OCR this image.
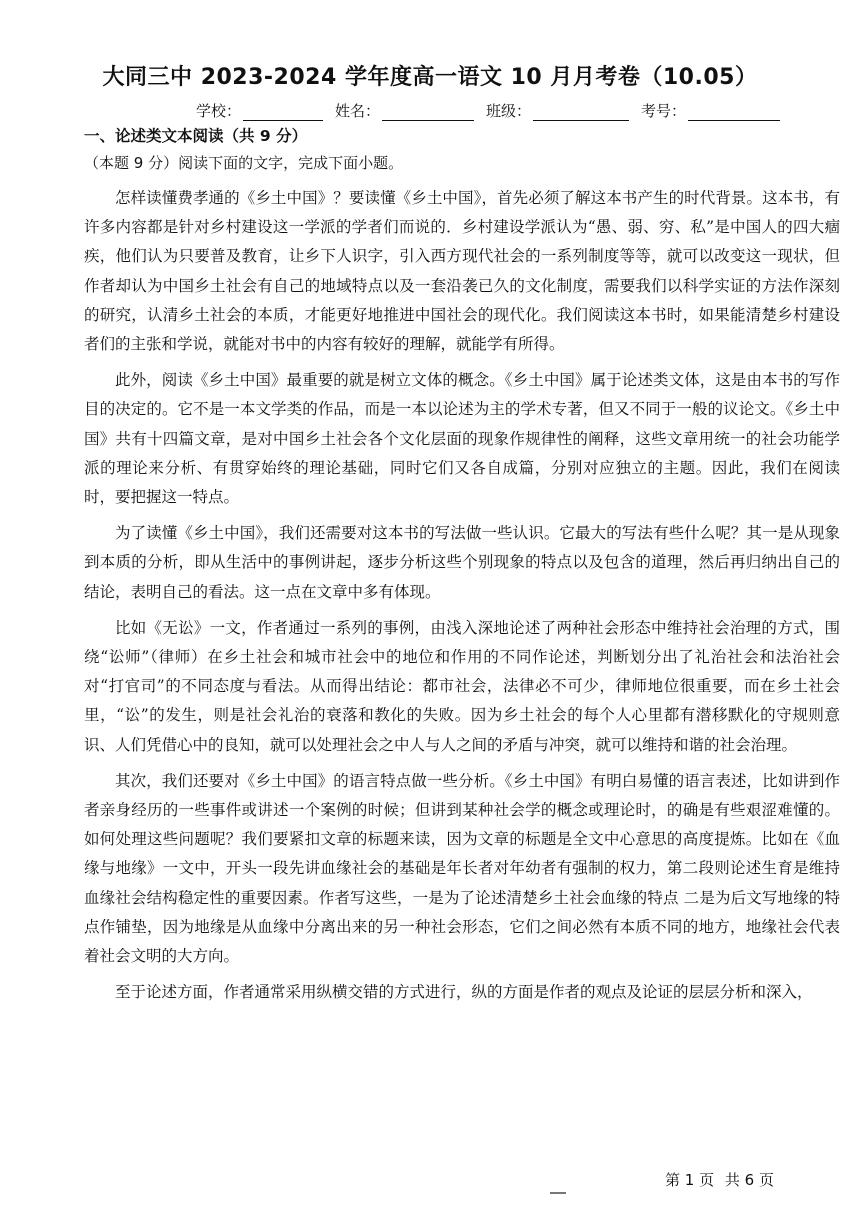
大同三中 2023-2024 学年度高一语文 10 月月考卷（10.05）
学校：	姓名：	班级：	考号：
一、论述类文本阅读（共 9 分）
（本题 9 分）阅读下面的文字，完成下面小题。

怎样读懂费孝通的《乡土中国》？要读懂《乡土中国》，首先必须了解这本书产生的时代背景。这本书，有许多内容都是针对乡村建设这一学派的学者们而说的．乡村建设学派认为“愚、弱、穷、私”是中国人的四大痼疾，他们认为只要普及教育，让乡下人识字，引入西方现代社会的一系列制度等等，就可以改变这一现状，但作者却认为中国乡土社会有自己的地域特点以及一套沿袭已久的文化制度，需要我们以科学实证的方法作深刻的研究，认清乡土社会的本质，才能更好地推进中国社会的现代化。我们阅读这本书时，如果能清楚乡村建设者们的主张和学说，就能对书中的内容有较好的理解，就能学有所得。

此外，阅读《乡土中国》最重要的就是树立文体的概念。《乡土中国》属于论述类文体，这是由本书的写作目的决定的。它不是一本文学类的作品，而是一本以论述为主的学术专著，但又不同于一般的议论文。《乡土中国》共有十四篇文章，是对中国乡土社会各个文化层面的现象作规律性的阐释，这些文章用统一的社会功能学派的理论来分析、有贯穿始终的理论基础，同时它们又各自成篇，分别对应独立的主题。因此，我们在阅读时，要把握这一特点。

为了读懂《乡土中国》，我们还需要对这本书的写法做一些认识。它最大的写法有些什么呢？其一是从现象到本质的分析，即从生活中的事例讲起，逐步分析这些个别现象的特点以及包含的道理，然后再归纳出自己的结论，表明自己的看法。这一点在文章中多有体现。

比如《无讼》一文，作者通过一系列的事例，由浅入深地论述了两种社会形态中维持社会治理的方式，围绕“讼师”（律师）在乡土社会和城市社会中的地位和作用的不同作论述，判断划分出了礼治社会和法治社会对“打官司”的不同态度与看法。从而得出结论：都市社会，法律必不可少，律师地位很重要，而在乡土社会里，“讼”的发生，则是社会礼治的衰落和教化的失败。因为乡土社会的每个人心里都有潜移默化的守规则意识、人们凭借心中的良知，就可以处理社会之中人与人之间的矛盾与冲突，就可以维持和谐的社会治理。

其次，我们还要对《乡土中国》的语言特点做一些分析。《乡土中国》有明白易懂的语言表述，比如讲到作者亲身经历的一些事件或讲述一个案例的时候；但讲到某种社会学的概念或理论时，的确是有些艰涩难懂的。如何处理这些问题呢？我们要紧扣文章的标题来读，因为文章的标题是全文中心意思的高度提炼。比如在《血缘与地缘》一文中，开头一段先讲血缘社会的基础是年长者对年幼者有强制的权力，第二段则论述生育是维持血缘社会结构稳定性的重要因素。作者写这些，一是为了论述清楚乡土社会血缘的特点 二是为后文写地缘的特点作铺垫，因为地缘是从血缘中分离出来的另一种社会形态，它们之间必然有本质不同的地方，地缘社会代表着社会文明的大方向。

至于论述方面，作者通常采用纵横交错的方式进行，纵的方面是作者的观点及论证的层层分析和深入，

第 1 页 共 6 页
